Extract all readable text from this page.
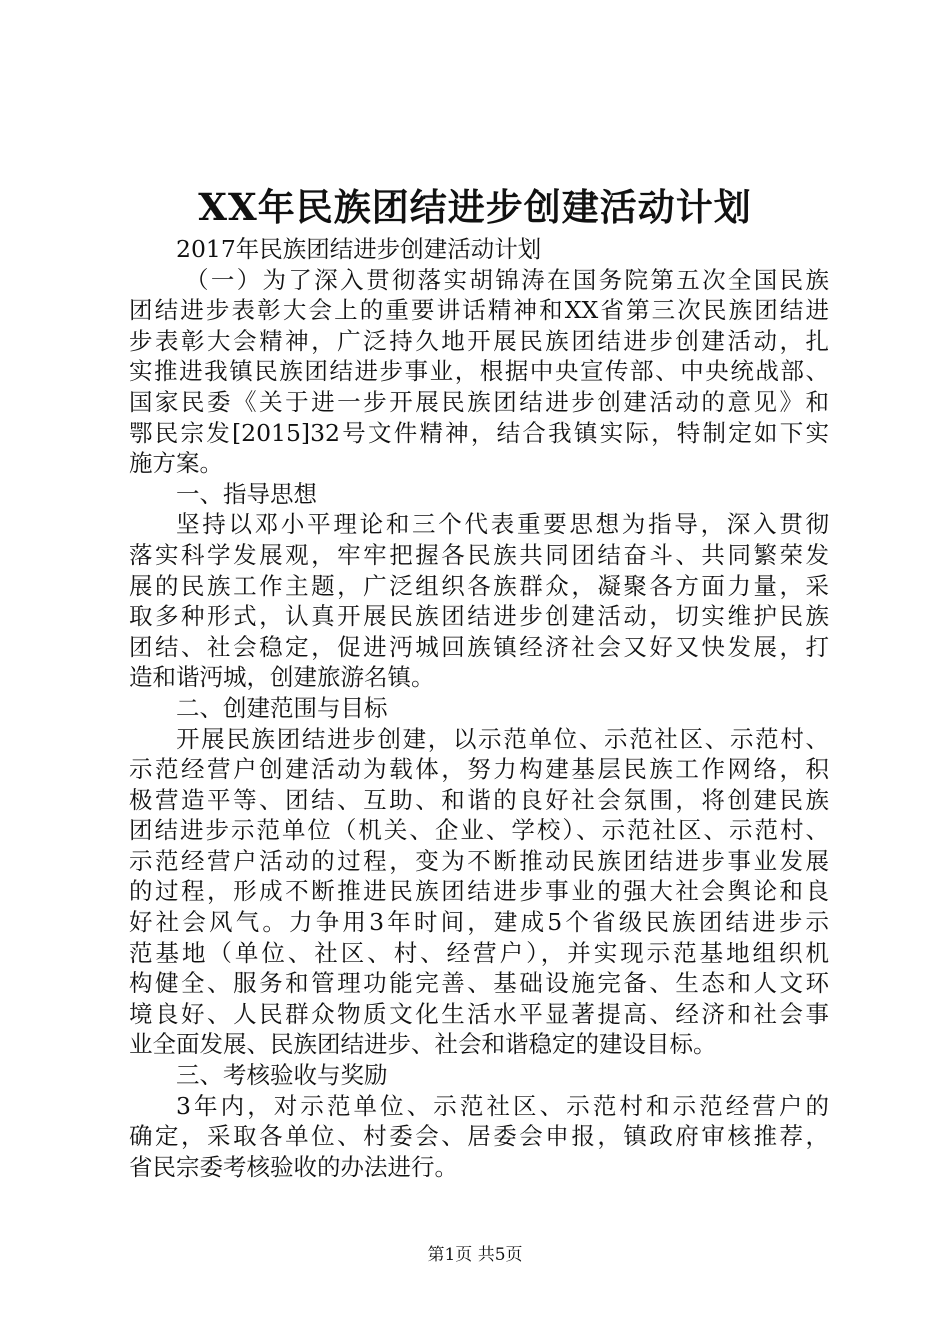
XX年民族团结进步创建活动计划
2017年民族团结进步创建活动计划
（一）为了深入贯彻落实胡锦涛在国务院第五次全国民族
团结进步表彰大会上的重要讲话精神和XX省第三次民族团结进
步表彰大会精神，广泛持久地开展民族团结进步创建活动，扎
实推进我镇民族团结进步事业，根据中央宣传部、中央统战部、
国家民委《关于进一步开展民族团结进步创建活动的意见》和
鄂民宗发[2015]32号文件精神，结合我镇实际，特制定如下实
施方案。
一、指导思想
坚持以邓小平理论和三个代表重要思想为指导，深入贯彻
落实科学发展观，牢牢把握各民族共同团结奋斗、共同繁荣发
展的民族工作主题，广泛组织各族群众，凝聚各方面力量，采
取多种形式，认真开展民族团结进步创建活动，切实维护民族
团结、社会稳定，促进沔城回族镇经济社会又好又快发展，打
造和谐沔城，创建旅游名镇。
二、创建范围与目标
开展民族团结进步创建，以示范单位、示范社区、示范村、
示范经营户创建活动为载体，努力构建基层民族工作网络，积
极营造平等、团结、互助、和谐的良好社会氛围，将创建民族
团结进步示范单位（机关、企业、学校）、示范社区、示范村、
示范经营户活动的过程，变为不断推动民族团结进步事业发展
的过程，形成不断推进民族团结进步事业的强大社会舆论和良
好社会风气。力争用3年时间，建成5个省级民族团结进步示
范基地（单位、社区、村、经营户），并实现示范基地组织机
构健全、服务和管理功能完善、基础设施完备、生态和人文环
境良好、人民群众物质文化生活水平显著提高、经济和社会事
业全面发展、民族团结进步、社会和谐稳定的建设目标。
三、考核验收与奖励
3年内，对示范单位、示范社区、示范村和示范经营户的
确定，采取各单位、村委会、居委会申报，镇政府审核推荐，
省民宗委考核验收的办法进行。
第1页 共5页
